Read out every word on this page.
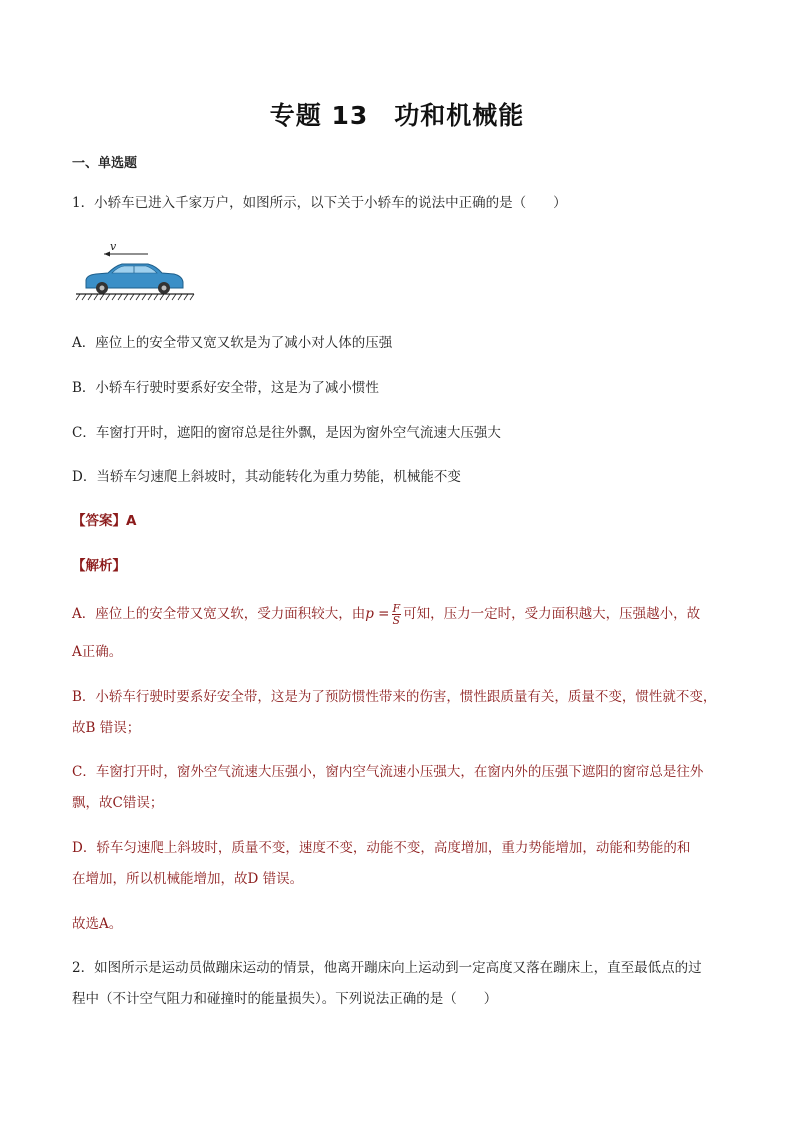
专题 13 功和机械能
一、单选题
1．小轿车已进入千家万户，如图所示，以下关于小轿车的说法中正确的是（　　）
v
A．座位上的安全带又宽又软是为了减小对人体的压强
B．小轿车行驶时要系好安全带，这是为了减小惯性
C．车窗打开时，遮阳的窗帘总是往外飘，是因为窗外空气流速大压强大
D．当轿车匀速爬上斜坡时，其动能转化为重力势能，机械能不变
【答案】A
【解析】
A．座位上的安全带又宽又软，受力面积较大，由$p = \frac{F}{S}$ 可知，压力一定时，受力面积越大，压强越小，故
A正确。
B．小轿车行驶时要系好安全带，这是为了预防惯性带来的伤害，惯性跟质量有关，质量不变，惯性就不变，
故B 错误；
C．车窗打开时，窗外空气流速大压强小，窗内空气流速小压强大，在窗内外的压强下遮阳的窗帘总是往外
飘，故C错误；
D．轿车匀速爬上斜坡时，质量不变，速度不变，动能不变，高度增加，重力势能增加，动能和势能的和
在增加，所以机械能增加，故D 错误。
故选A。
2．如图所示是运动员做蹦床运动的情景，他离开蹦床向上运动到一定高度又落在蹦床上，直至最低点的过
程中（不计空气阻力和碰撞时的能量损失）。下列说法正确的是（　　）
